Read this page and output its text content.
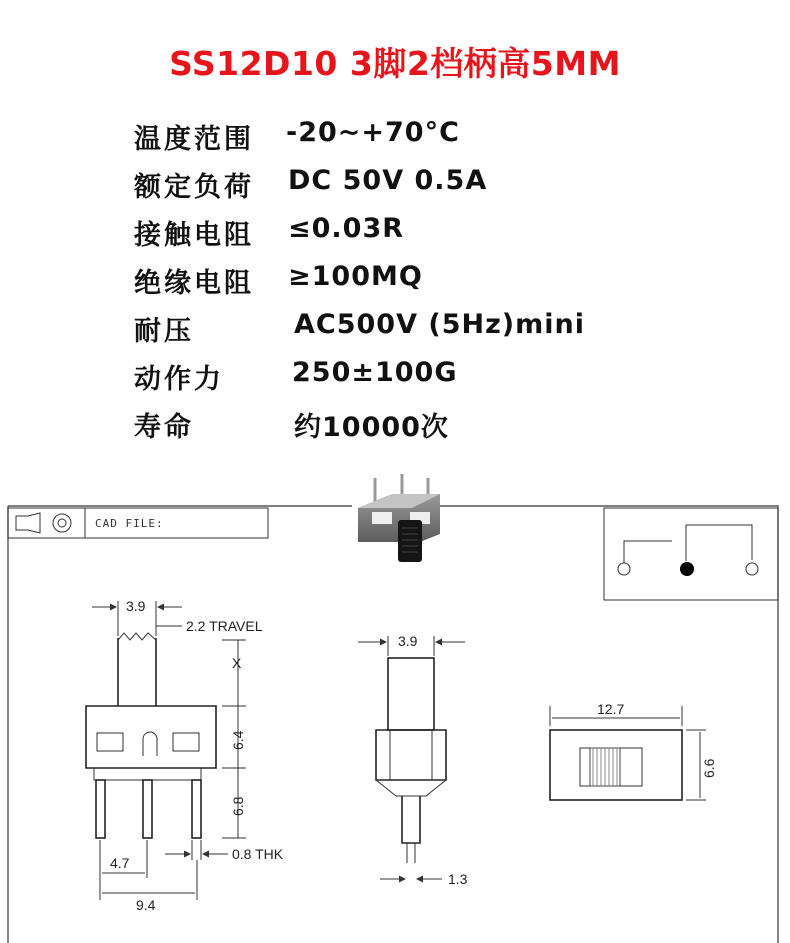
SS12D10 3脚2档柄高5MM
温度范围 -20~+70°C
额定负荷 DC 50V 0.5A
接触电阻 ≤0.03R
绝缘电阻 ≥100MQ
耐压	AC500V (5Hz)mini
动作力	250±100G
寿命	约10000次
CAD FILE:
3.9
2.2 TRAVEL
X
6.4
6.8
0.8 THK
4.7
9.4
3.9
1.3
12.7
6.6
